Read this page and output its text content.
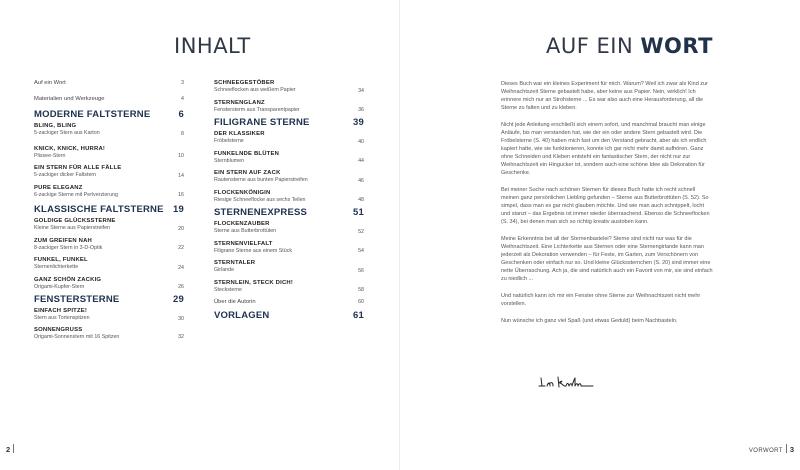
INHALT
Auf ein Wort	3
Materialien und Werkzeuge	4
MODERNE FALTSTERNE	6
BLING, BLING
5-zackiger Stern aus Karton	8
KNICK, KNICK, HURRA!
Plissee-Stern	10
EIN STERN FÜR ALLE FÄLLE
5-zackiger dicker Faltstern	14
PURE ELEGANZ
6-zackige Sterne mit Perlverzierung	16
KLASSISCHE FALTSTERNE 19
GOLDIGE GLÜCKSSTERNE
Kleine Sterne aus Papierstreifen	20
ZUM GREIFEN NAH
8-zackiger Stern in 3-D-Optik	22
FUNKEL, FUNKEL
Sternenlichterkette	24
GANZ SCHÖN ZACKIG
Origami-Kupfer-Stern	26
FENSTERSTERNE	29
EINFACH SPITZE!
Stern aus Tortenspitzen	30
SONNENGRUSS
Origami-Sonnenstern mit 16 Spitzen	32
SCHNEEGESTÖBER
Schneeflocken aus weißem Papier	34
STERNENGLANZ
Fenstersterm aus Transparentpapier	36
FILIGRANE STERNE	39
DER KLASSIKER
Fröbelsterne	40
FUNKELNDE BLÜTEN
Sternblumen	44
EIN STERN AUF ZACK
Rautensterne aus bunten Papierstreifen	46
FLOCKENKÖNIGIN
Riesige Schneeflocke aus sechs Teilen	48
STERNENEXPRESS	51
FLOCKENZAUBER
Sterne aus Butterbrottüten	52
STERNENVIELFALT
Filigrane Sterne aus einem Stück	54
STERNTALER
Girlande	56
STERNLEIN, STECK DICH!
Stecksterne	58
Über die Autorin	60
VORLAGEN	61
2
AUF EIN WORT

Dieses Buch war ein kleines Experiment für mich. Warum? Weil ich zwar als Kind zur Weihnachtszeit Sterne gebastelt habe, aber keine aus Papier. Nein, wirklich! Ich erinnere mich nur an Strohsterne ... Es war also auch eine Herausforderung, all die Sterne zu falten und zu kleben.

Nicht jede Anleitung erschließt sich einem sofort, und manchmal braucht man einige Anläufe, bis man verstanden hat, wie der ein oder andere Stern gebastelt wird. Die Fröbelsterne (S. 40) haben mich fast um den Verstand gebracht, aber als ich endlich kapiert hatte, wie sie funktionieren, konnte ich gar nicht mehr damit aufhören. Ganz ohne Schneiden und Kleben entsteht ein fantastischer Stern, der nicht nur zur Weihnachtszeit ein Hingucker ist, sondern auch eine schöne Idee als Dekoration für Geschenke.

Bei meiner Suche nach schönen Sternen für dieses Buch hatte ich recht schnell meinen ganz persönlichen Liebling gefunden – Sterne aus Butterbrottüten (S. 52). So simpel, dass man es gar nicht glauben möchte. Und wie man auch schnippelt, locht und stanzt – das Ergebnis ist immer wieder überraschend. Ebenso die Schneeflocken (S. 34), bei denen man sich so richtig kreativ austoben kann.

Meine Erkenntnis bei all der Sternenbastelei? Sterne sind nicht nur was für die Weihnachtszeit. Eine Lichterkette aus Sternen oder eine Sternengirlande kann man jederzeit als Dekoration verwenden – für Feste, im Garten, zum Verschönern von Geschenken oder einfach nur so. Und kleine Glückssternchen (S. 20) sind immer eine nette Überraschung. Ach ja, die sind natürlich auch ein Favorit von mir, sie sind einfach zu niedlich ...

Und natürlich kann ich mir ein Fenster ohne Sterne zur Weihnachtszeit nicht mehr vorstellen.

Nun wünsche ich ganz viel Spaß (und etwas Geduld) beim Nachbasteln.

VORWORT 3
